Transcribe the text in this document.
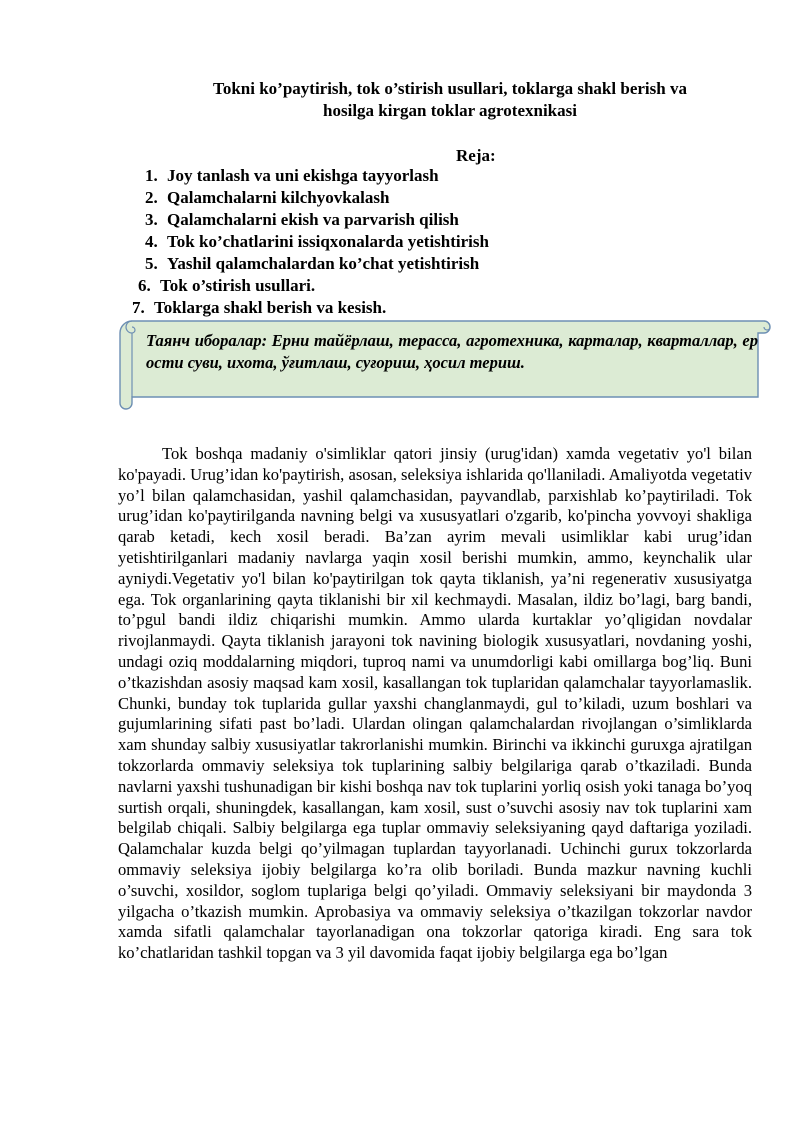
Tokni ko’paytirish, tok o’stirish usullari, toklarga shakl berish va
hosilga kirgan toklar agrotexnikasi
Reja:
1. Joy tanlash va uni ekishga tayyorlash
2. Qalamchalarni kilchyovkalash
3. Qalamchalarni ekish va parvarish qilish
4. Tok ko’chatlarini issiqxonalarda yetishtirish
5. Yashil qalamchalardan ko’chat yetishtirish
6. Tok o’stirish usullari.
7. Toklarga shakl berish va kesish.
Таянч иборалар: Ерни тайёрлаш, терасса, агротехника, карталар, кварталлар, ер ости суви, ихота, ўғитлаш, суғориш, ҳосил териш.

Tok boshqa madaniy o'simliklar qatori jinsiy (urug'idan) xamda vegetativ yo'l bilan ko'payadi. Urug’idan ko'paytirish, asosan, seleksiya ishlarida qo'llaniladi. Amaliyotda vegetativ yo’l bilan qalamchasidan, yashil qalamchasidan, payvandlab, parxishlab ko’paytiriladi. Tok urug’idan ko'paytirilganda navning belgi va xususyatlari o'zgarib, ko'pincha yovvoyi shakliga qarab ketadi, kech xosil beradi. Ba’zan ayrim mevali usimliklar kabi urug’idan yetishtirilganlari madaniy navlarga yaqin xosil berishi mumkin, ammo, keynchalik ular ayniydi.Vegetativ yo'l bilan ko'paytirilgan tok qayta tiklanish, ya’ni regenerativ xususiyatga ega. Tok organlarining qayta tiklanishi bir xil kechmaydi. Masalan, ildiz bo’lagi, barg bandi, to’pgul bandi ildiz chiqarishi mumkin. Ammo ularda kurtaklar yo’qligidan novdalar rivojlanmaydi. Qayta tiklanish jarayoni tok navining biologik xususyatlari, novdaning yoshi, undagi oziq moddalarning miqdori, tuproq nami va unumdorligi kabi omillarga bog’liq. Buni o’tkazishdan asosiy maqsad kam xosil, kasallangan tok tuplaridan qalamchalar tayyorlamaslik. Chunki, bunday tok tuplarida gullar yaxshi changlanmaydi, gul to’kiladi, uzum boshlari va gujumlarining sifati past bo’ladi. Ulardan olingan qalamchalardan rivojlangan o’simliklarda xam shunday salbiy xususiyatlar takrorlanishi mumkin. Birinchi va ikkinchi guruxga ajratilgan tokzorlarda ommaviy seleksiya tok tuplarining salbiy belgilariga qarab o’tkaziladi. Bunda navlarni yaxshi tushunadigan bir kishi boshqa nav tok tuplarini yorliq osish yoki tanaga bo’yoq surtish orqali, shuningdek, kasallangan, kam xosil, sust o’suvchi asosiy nav tok tuplarini xam belgilab chiqali. Salbiy belgilarga ega tuplar ommaviy seleksiyaning qayd daftariga yoziladi. Qalamchalar kuzda belgi qo’yilmagan tuplardan tayyorlanadi. Uchinchi gurux tokzorlarda ommaviy seleksiya ijobiy belgilarga ko’ra olib boriladi. Bunda mazkur navning kuchli o’suvchi, xosildor, soglom tuplariga belgi qo’yiladi. Ommaviy seleksiyani bir maydonda 3 yilgacha o’tkazish mumkin. Aprobasiya va ommaviy seleksiya o’tkazilgan tokzorlar navdor xamda sifatli qalamchalar tayorlanadigan ona tokzorlar qatoriga kiradi. Eng sara tok ko’chatlaridan tashkil topgan va 3 yil davomida faqat ijobiy belgilarga ega bo’lgan
